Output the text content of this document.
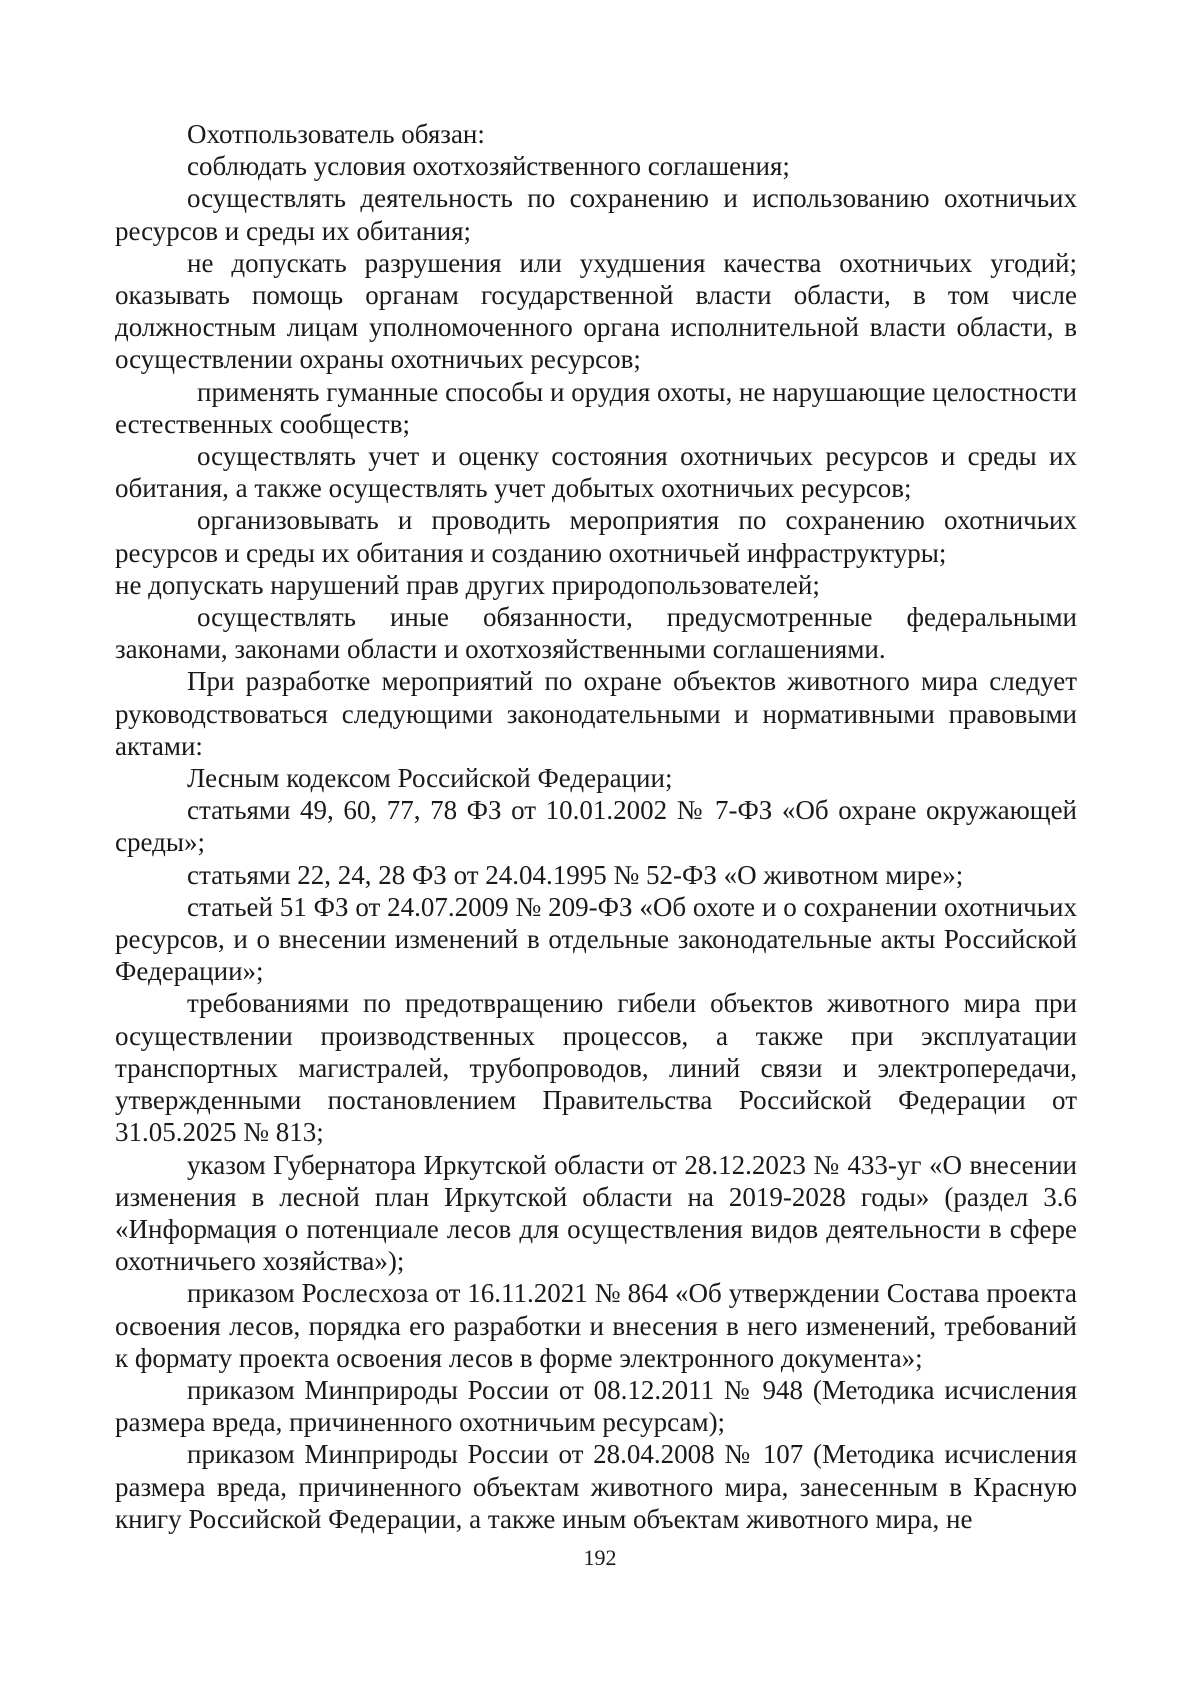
Охотпользователь обязан:

соблюдать условия охотхозяйственного соглашения;

осуществлять деятельность по сохранению и использованию охотничьих ресурсов и среды их обитания;

не допускать разрушения или ухудшения качества охотничьих угодий; оказывать помощь органам государственной власти области, в том числе должностным лицам уполномоченного органа исполнительной власти области, в осуществлении охраны охотничьих ресурсов;

применять гуманные способы и орудия охоты, не нарушающие целостности естественных сообществ;

осуществлять учет и оценку состояния охотничьих ресурсов и среды их обитания, а также осуществлять учет добытых охотничьих ресурсов;

организовывать и проводить мероприятия по сохранению охотничьих ресурсов и среды их обитания и созданию охотничьей инфраструктуры;

не допускать нарушений прав других природопользователей;

осуществлять иные обязанности, предусмотренные федеральными законами, законами области и охотхозяйственными соглашениями.

При разработке мероприятий по охране объектов животного мира следует руководствоваться следующими законодательными и нормативными правовыми актами:

Лесным кодексом Российской Федерации;

статьями 49, 60, 77, 78 ФЗ от 10.01.2002 № 7-ФЗ «Об охране окружающей среды»;

статьями 22, 24, 28 ФЗ от 24.04.1995 № 52-ФЗ «О животном мире»;

статьей 51 ФЗ от 24.07.2009 № 209-ФЗ «Об охоте и о сохранении охотничьих ресурсов, и о внесении изменений в отдельные законодательные акты Российской Федерации»;

требованиями по предотвращению гибели объектов животного мира при осуществлении производственных процессов, а также при эксплуатации транспортных магистралей, трубопроводов, линий связи и электропередачи, утвержденными постановлением Правительства Российской Федерации от 31.05.2025 № 813;

указом Губернатора Иркутской области от 28.12.2023 № 433-уг «О внесении изменения в лесной план Иркутской области на 2019-2028 годы» (раздел 3.6 «Информация о потенциале лесов для осуществления видов деятельности в сфере охотничьего хозяйства»);

приказом Рослесхоза от 16.11.2021 № 864 «Об утверждении Состава проекта освоения лесов, порядка его разработки и внесения в него изменений, требований к формату проекта освоения лесов в форме электронного документа»;

приказом Минприроды России от 08.12.2011 № 948 (Методика исчисления размера вреда, причиненного охотничьим ресурсам);

приказом Минприроды России от 28.04.2008 № 107 (Методика исчисления размера вреда, причиненного объектам животного мира, занесенным в Красную книгу Российской Федерации, а также иным объектам животного мира, не

192
